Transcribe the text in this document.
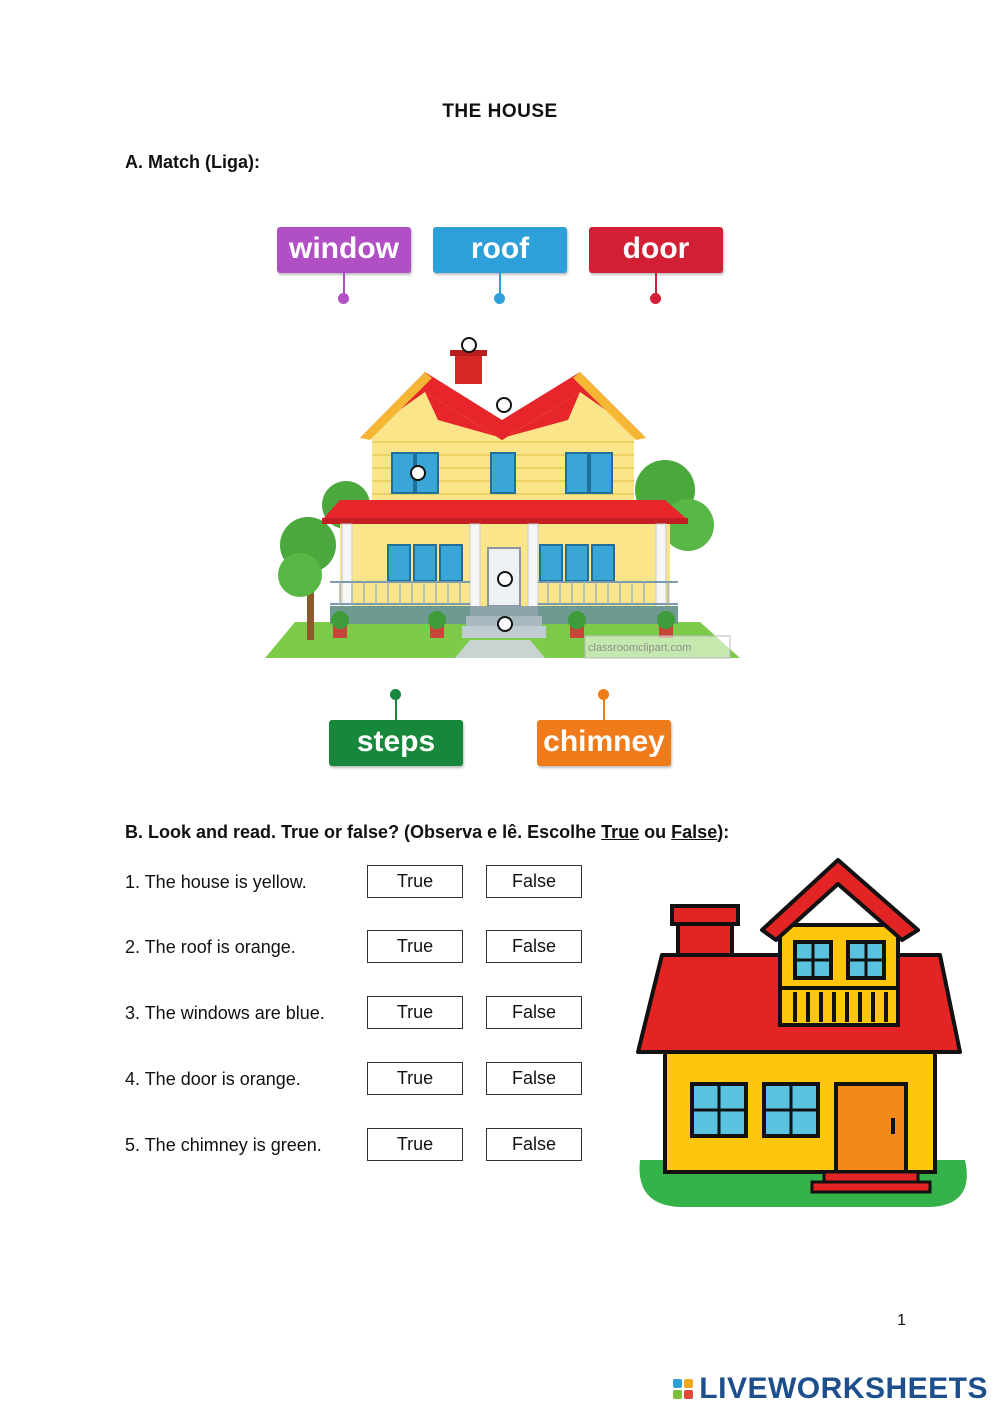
THE HOUSE
A. Match (Liga):
window	roof	door
classroomclipart.com
steps	chimney
B. Look and read. True or false? (Observa e lê. Escolhe True ou False):
1. The house is yellow.	True	False
2. The roof is orange.	True	False
3. The windows are blue.	True	False
4. The door is orange.	True	False
5. The chimney is green.	True	False
1
LIVEWORKSHEETS
